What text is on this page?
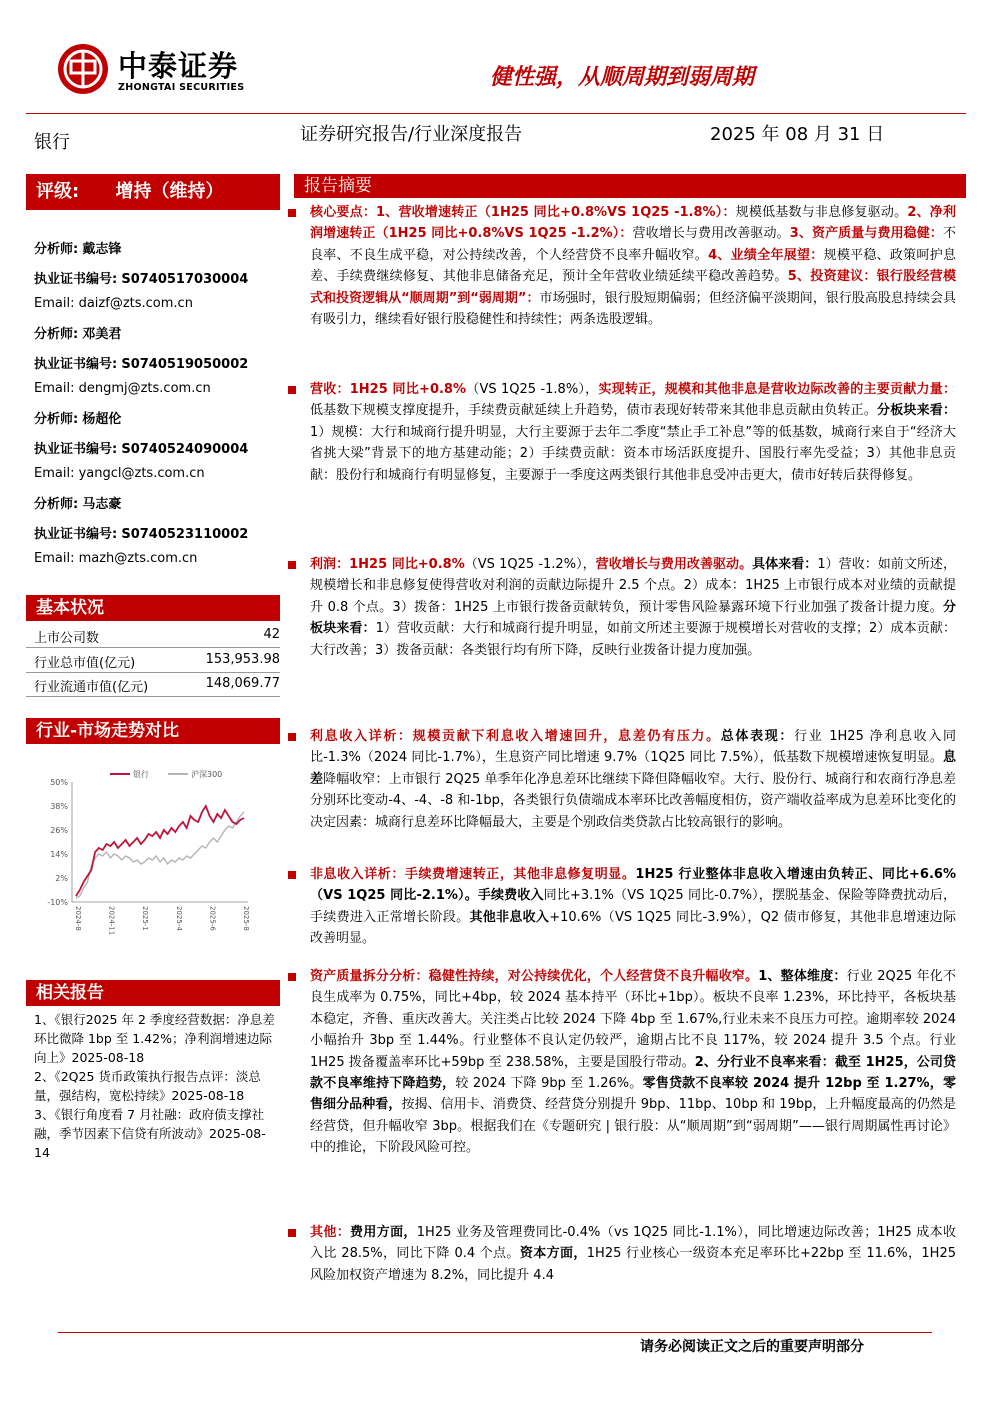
中泰证券
ZHONGTAI SECURITIES	健性强，从顺周期到弱周期
银行	证券研究报告/行业深度报告	2025 年 08 月 31 日
评级: 增持（维持）
分析师: 戴志锋
执业证书编号: S0740517030004
Email: daizf@zts.com.cn
分析师: 邓美君
执业证书编号: S0740519050002
Email: dengmj@zts.com.cn
分析师: 杨超伦
执业证书编号: S0740524090004
Email: yangcl@zts.com.cn
分析师: 马志豪
执业证书编号: S0740523110002
Email: mazh@zts.com.cn
基本状况
上市公司数	42
行业总市值(亿元)	153,953.98
行业流通市值(亿元)	148,069.77
行业-市场走势对比
50%
38%
26%
14%
2%
-10%
2024-8	2024-11	2025-1	2025-4	2025-6	2025-8
银行	沪深300
相关报告

1、《银行2025 年 2 季度经营数据：净息差环比微降 1bp 至 1.42%；净利润增速边际向上》2025-08-18

2、《2Q25 货币政策执行报告点评：淡总量，强结构，宽松持续》2025-08-18

3、《银行角度看 7 月社融：政府债支撑社融，季节因素下信贷有所波动》2025-08-14

报告摘要
核心要点：1、营收增速转正（1H25 同比+0.8%VS 1Q25 -1.8%）：规模低基数与非息修复驱动。2、净利润增速转正（1H25 同比+0.8%VS 1Q25 -1.2%）：营收增长与费用改善驱动。3、资产质量与费用稳健：不良率、不良生成平稳，对公持续改善，个人经营贷不良率升幅收窄。4、业绩全年展望：规模平稳、政策呵护息差、手续费继续修复、其他非息储备充足，预计全年营收业绩延续平稳改善趋势。5、投资建议：银行股经营模式和投资逻辑从“顺周期”到“弱周期”：市场强时，银行股短期偏弱；但经济偏平淡期间，银行股高股息持续会具有吸引力，继续看好银行股稳健性和持续性；两条选股逻辑。
营收：1H25 同比+0.8%（VS 1Q25 -1.8%），实现转正，规模和其他非息是营收边际改善的主要贡献力量：低基数下规模支撑度提升，手续费贡献延续上升趋势，债市表现好转带来其他非息贡献由负转正。分板块来看：1）规模：大行和城商行提升明显，大行主要源于去年二季度“禁止手工补息”等的低基数，城商行来自于“经济大省挑大梁”背景下的地方基建动能；2）手续费贡献：资本市场活跃度提升、国股行率先受益；3）其他非息贡献：股份行和城商行有明显修复，主要源于一季度这两类银行其他非息受冲击更大，债市好转后获得修复。
利润：1H25 同比+0.8%（VS 1Q25 -1.2%），营收增长与费用改善驱动。具体来看：1）营收：如前文所述，规模增长和非息修复使得营收对利润的贡献边际提升 2.5 个点。2）成本：1H25 上市银行成本对业绩的贡献提升 0.8 个点。3）拨备：1H25 上市银行拨备贡献转负，预计零售风险暴露环境下行业加强了拨备计提力度。分板块来看：1）营收贡献：大行和城商行提升明显，如前文所述主要源于规模增长对营收的支撑；2）成本贡献：大行改善；3）拨备贡献：各类银行均有所下降，反映行业拨备计提力度加强。
利息收入详析：规模贡献下利息收入增速回升，息差仍有压力。总体表现：行业 1H25 净利息收入同比-1.3%（2024 同比-1.7%），生息资产同比增速 9.7%（1Q25 同比 7.5%），低基数下规模增速恢复明显。息差降幅收窄：上市银行 2Q25 单季年化净息差环比继续下降但降幅收窄。大行、股份行、城商行和农商行净息差分别环比变动-4、-4、-8 和-1bp，各类银行负债端成本率环比改善幅度相仿，资产端收益率成为息差环比变化的决定因素：城商行息差环比降幅最大，主要是个别政信类贷款占比较高银行的影响。
非息收入详析：手续费增速转正，其他非息修复明显。1H25 行业整体非息收入增速由负转正、同比+6.6%（VS 1Q25 同比-2.1%）。手续费收入同比+3.1%（VS 1Q25 同比-0.7%），摆脱基金、保险等降费扰动后，手续费进入正常增长阶段。其他非息收入+10.6%（VS 1Q25 同比-3.9%），Q2 债市修复，其他非息增速边际改善明显。
资产质量拆分分析：稳健性持续，对公持续优化，个人经营贷不良升幅收窄。1、整体维度：行业 2Q25 年化不良生成率为 0.75%，同比+4bp，较 2024 基本持平（环比+1bp）。板块不良率 1.23%，环比持平，各板块基本稳定，齐鲁、重庆改善大。关注类占比较 2024 下降 4bp 至 1.67%,行业未来不良压力可控。逾期率较 2024 小幅抬升 3bp 至 1.44%。行业整体不良认定仍较严，逾期占比不良 117%，较 2024 提升 3.5 个点。行业 1H25 拨备覆盖率环比+59bp 至 238.58%，主要是国股行带动。2、分行业不良率来看：截至 1H25，公司贷款不良率维持下降趋势，较 2024 下降 9bp 至 1.26%。零售贷款不良率较 2024 提升 12bp 至 1.27%，零售细分品种看，按揭、信用卡、消费贷、经营贷分别提升 9bp、11bp、10bp 和 19bp，上升幅度最高的仍然是经营贷，但升幅收窄 3bp。根据我们在《专题研究 | 银行股：从“顺周期”到“弱周期”——银行周期属性再讨论》中的推论，下阶段风险可控。
其他：费用方面，1H25 业务及管理费同比-0.4%（vs 1Q25 同比-1.1%），同比增速边际改善；1H25 成本收入比 28.5%，同比下降 0.4 个点。资本方面，1H25 行业核心一级资本充足率环比+22bp 至 11.6%，1H25 风险加权资产增速为 8.2%，同比提升 4.4
请务必阅读正文之后的重要声明部分
